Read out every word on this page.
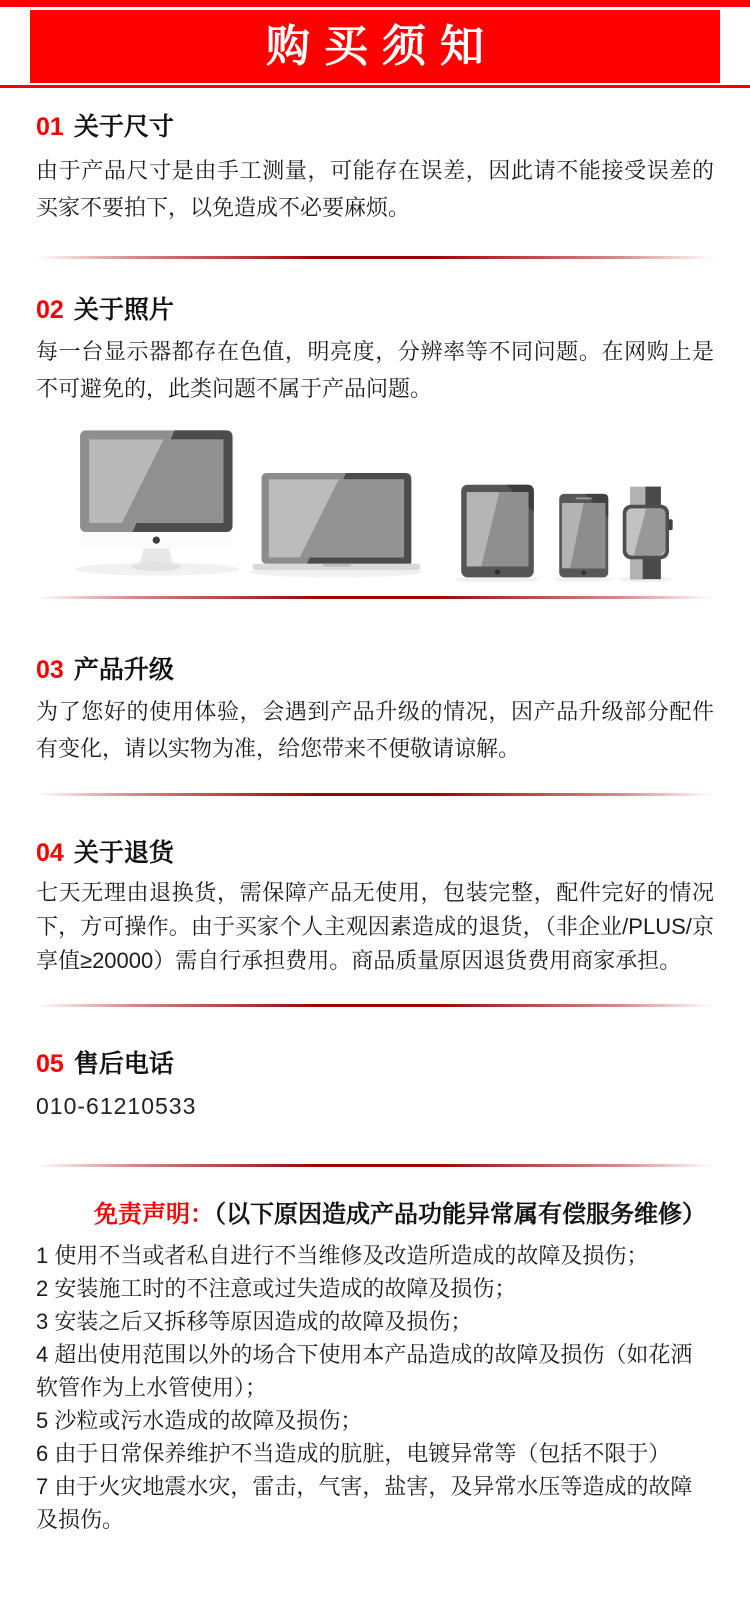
购买须知
01 关于尺寸
由于产品尺寸是由手工测量，可能存在误差，因此请不能接受误差的买家不要拍下，以免造成不必要麻烦。
02 关于照片
每一台显示器都存在色值，明亮度，分辨率等不同问题。在网购上是不可避免的，此类问题不属于产品问题。
03 产品升级
为了您好的使用体验，会遇到产品升级的情况，因产品升级部分配件有变化，请以实物为准，给您带来不便敬请谅解。
04 关于退货
七天无理由退换货，需保障产品无使用，包装完整，配件完好的情况下，方可操作。由于买家个人主观因素造成的退货，（非企业/PLUS/京享值≥20000）需自行承担费用。商品质量原因退货费用商家承担。
05 售后电话
010-61210533
免责声明：（以下原因造成产品功能异常属有偿服务维修）
1 使用不当或者私自进行不当维修及改造所造成的故障及损伤；
2 安装施工时的不注意或过失造成的故障及损伤；
3 安装之后又拆移等原因造成的故障及损伤；
4 超出使用范围以外的场合下使用本产品造成的故障及损伤（如花洒软管作为上水管使用）；
5 沙粒或污水造成的故障及损伤；
6 由于日常保养维护不当造成的肮脏，电镀异常等（包括不限于）
7 由于火灾地震水灾，雷击，气害，盐害，及异常水压等造成的故障及损伤。
